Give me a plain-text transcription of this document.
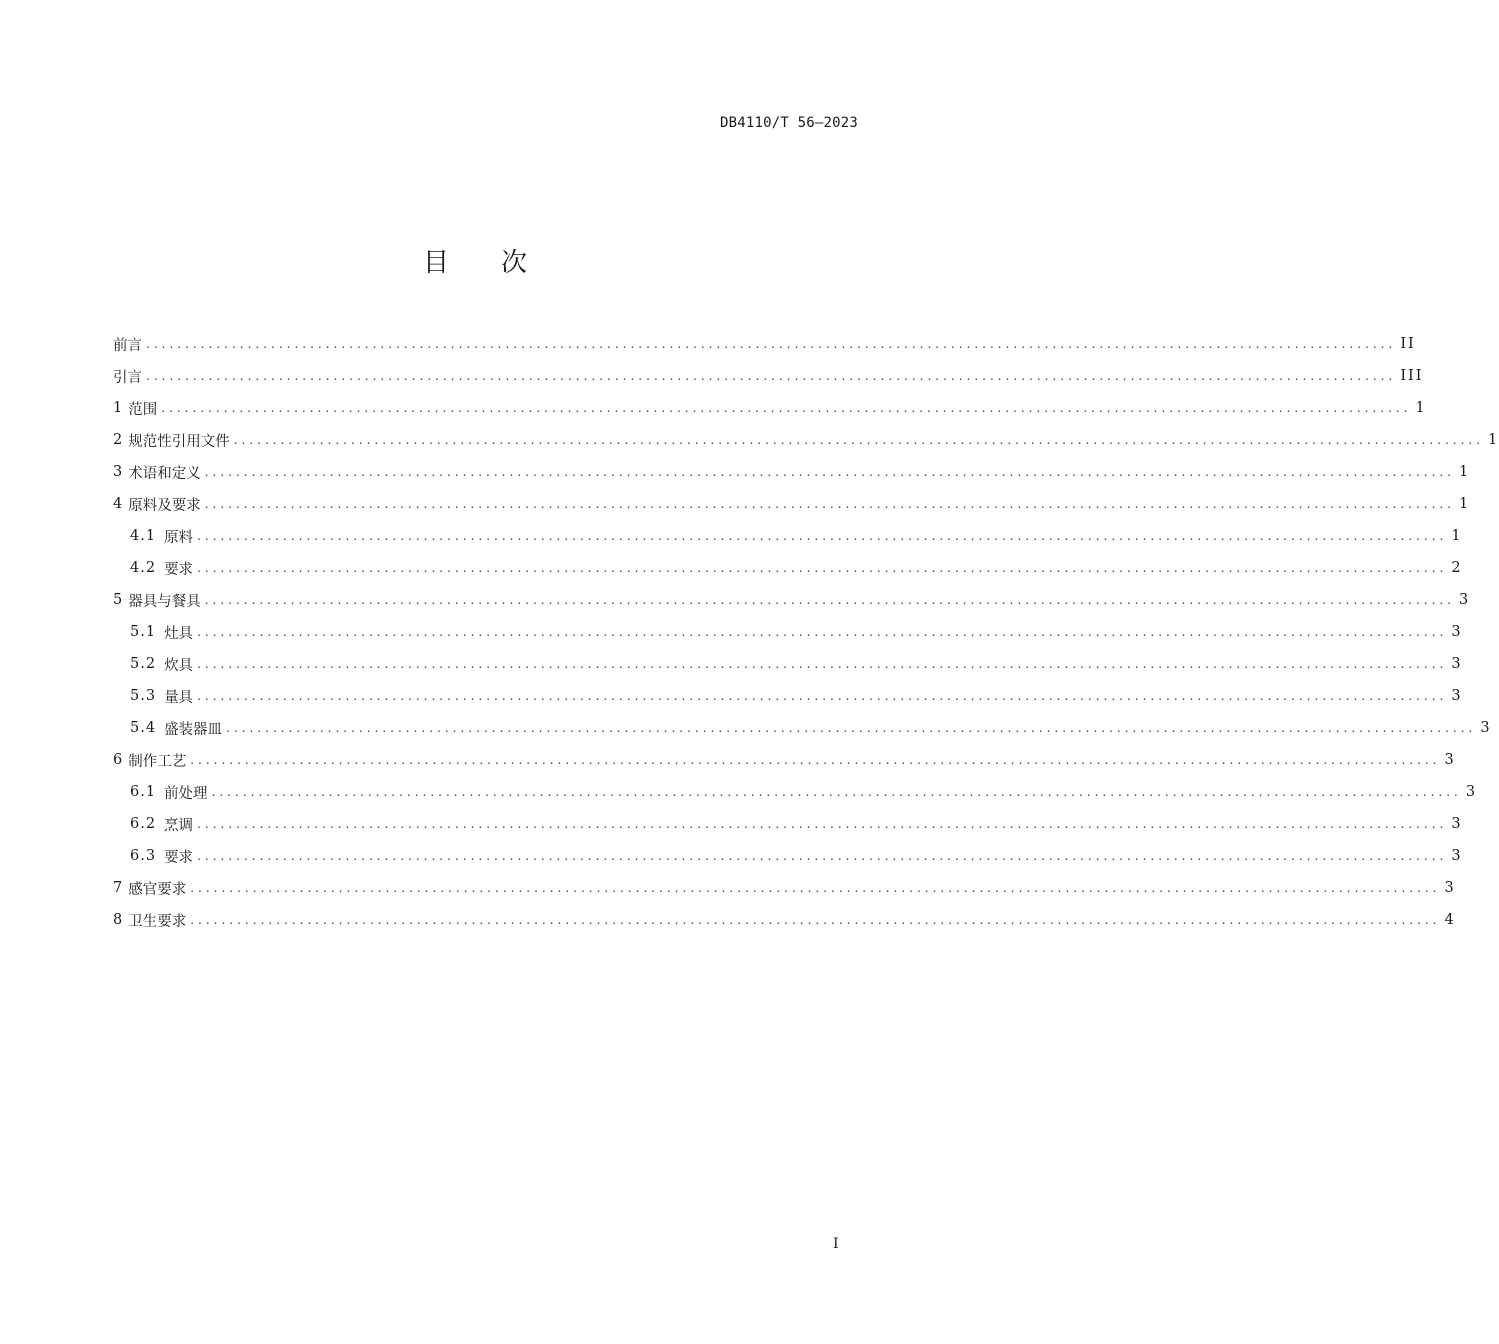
DB4110/T 56—2023
目 次
前言 ................................................................................................................................................................ II
引言 ................................................................................................................................................................ III
1 范围 ................................................................................................................................................................ 1
2 规范性引用文件 ................................................................................................................................................................ 1
3 术语和定义 ................................................................................................................................................................ 1
4 原料及要求 ................................................................................................................................................................ 1
4.1 原料 ................................................................................................................................................................ 1
4.2 要求 ................................................................................................................................................................ 2
5 器具与餐具 ................................................................................................................................................................ 3
5.1 灶具 ................................................................................................................................................................ 3
5.2 炊具 ................................................................................................................................................................ 3
5.3 量具 ................................................................................................................................................................ 3
5.4 盛装器皿 ................................................................................................................................................................ 3
6 制作工艺 ................................................................................................................................................................ 3
6.1 前处理 ................................................................................................................................................................ 3
6.2 烹调 ................................................................................................................................................................ 3
6.3 要求 ................................................................................................................................................................ 3
7 感官要求 ................................................................................................................................................................ 3
8 卫生要求 ................................................................................................................................................................ 4
I
